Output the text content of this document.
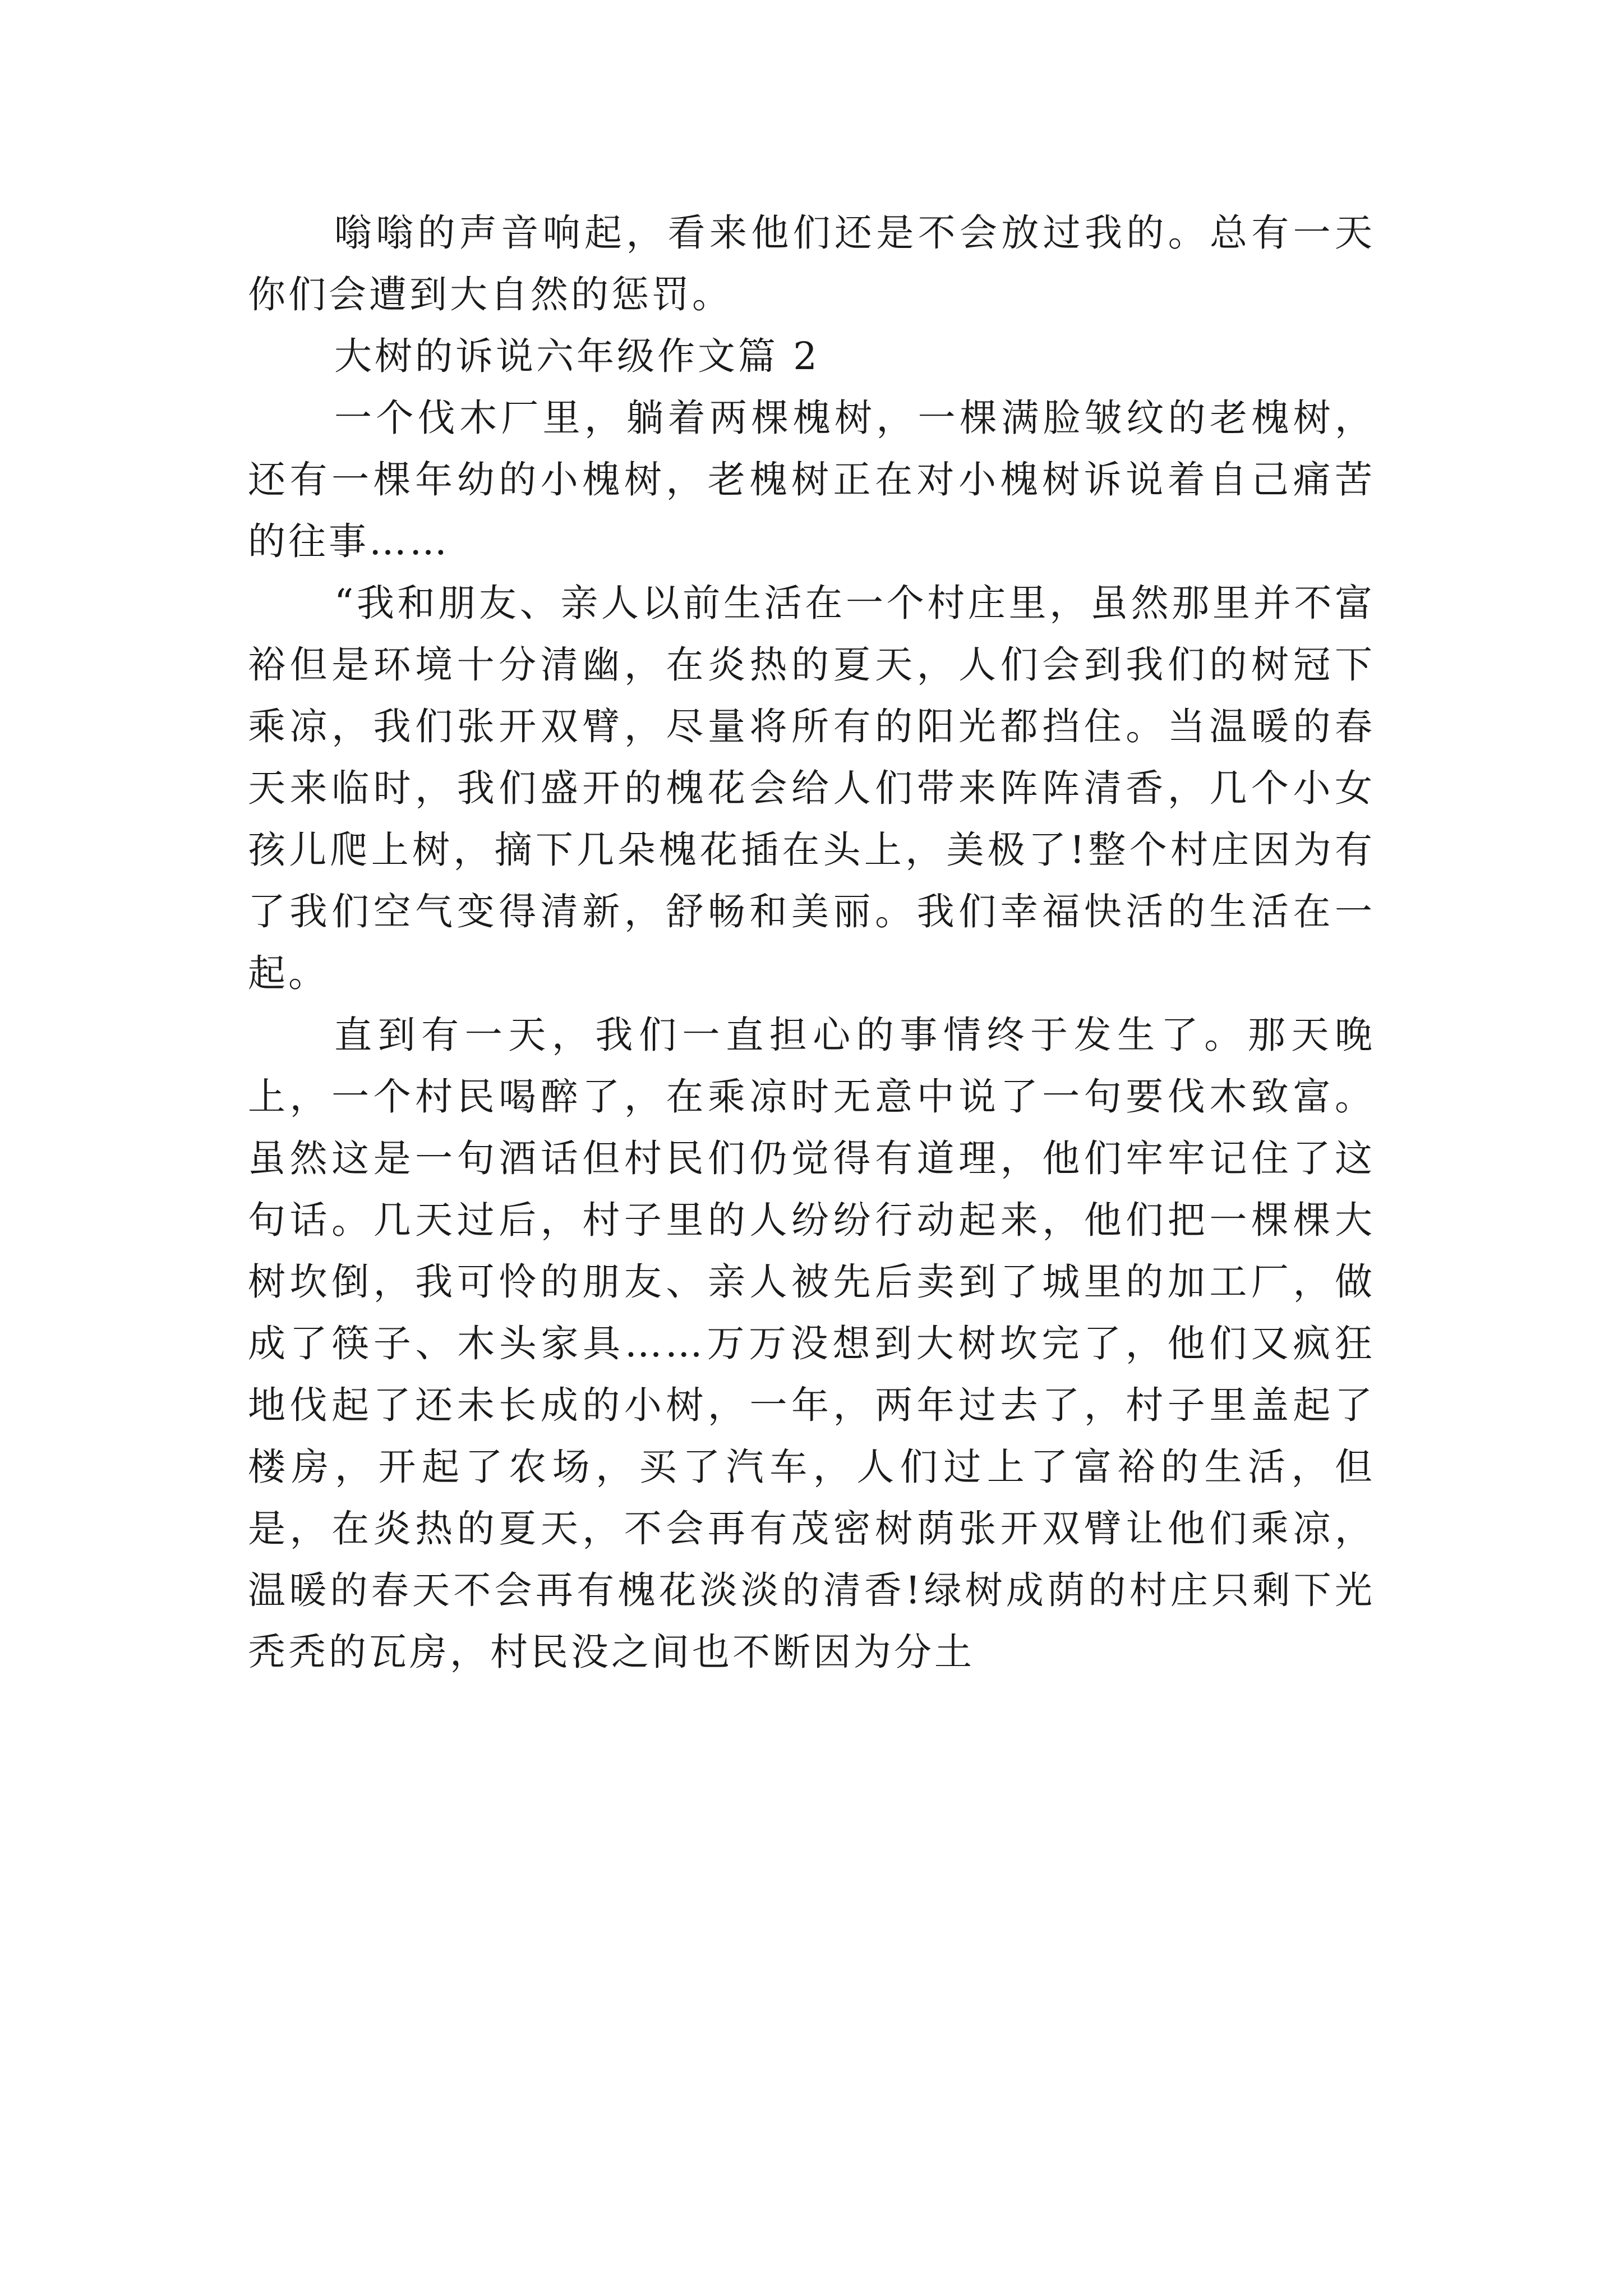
嗡嗡的声音响起，看来他们还是不会放过我的。总有一天你们会遭到大自然的惩罚。

大树的诉说六年级作文篇 2

一个伐木厂里，躺着两棵槐树，一棵满脸皱纹的老槐树，还有一棵年幼的小槐树，老槐树正在对小槐树诉说着自己痛苦的往事……

“我和朋友、亲人以前生活在一个村庄里，虽然那里并不富裕但是环境十分清幽，在炎热的夏天，人们会到我们的树冠下乘凉，我们张开双臂，尽量将所有的阳光都挡住。当温暖的春天来临时，我们盛开的槐花会给人们带来阵阵清香，几个小女孩儿爬上树，摘下几朵槐花插在头上，美极了!整个村庄因为有了我们空气变得清新，舒畅和美丽。我们幸福快活的生活在一起。

直到有一天，我们一直担心的事情终于发生了。那天晚上，一个村民喝醉了，在乘凉时无意中说了一句要伐木致富。虽然这是一句酒话但村民们仍觉得有道理，他们牢牢记住了这句话。几天过后，村子里的人纷纷行动起来，他们把一棵棵大树坎倒，我可怜的朋友、亲人被先后卖到了城里的加工厂，做成了筷子、木头家具……万万没想到大树坎完了，他们又疯狂地伐起了还未长成的小树，一年，两年过去了，村子里盖起了楼房，开起了农场，买了汽车，人们过上了富裕的生活，但是，在炎热的夏天，不会再有茂密树荫张开双臂让他们乘凉，温暖的春天不会再有槐花淡淡的清香!绿树成荫的村庄只剩下光秃秃的瓦房，村民没之间也不断因为分土
